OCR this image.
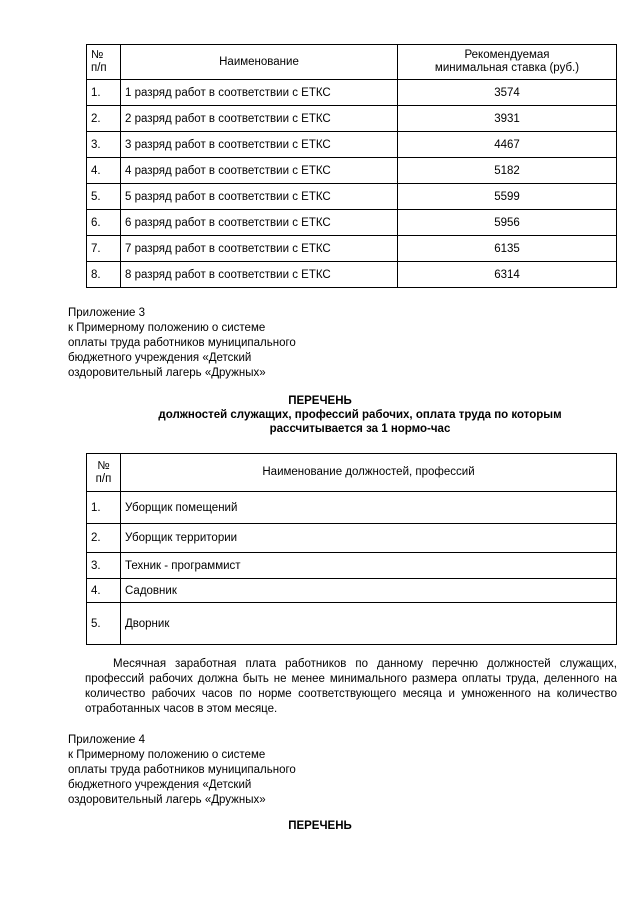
№
п/п	Наименование	Рекомендуемая
минимальная ставка (руб.)
1.	1 разряд работ в соответствии с ЕТКС	3574
2.	2 разряд работ в соответствии с ЕТКС	3931
3.	3 разряд работ в соответствии с ЕТКС	4467
4.	4 разряд работ в соответствии с ЕТКС	5182
5.	5 разряд работ в соответствии с ЕТКС	5599
6.	6 разряд работ в соответствии с ЕТКС	5956
7.	7 разряд работ в соответствии с ЕТКС	6135
8.	8 разряд работ в соответствии с ЕТКС	6314
Приложение 3
к Примерному положению о системе
оплаты труда работников муниципального
бюджетного учреждения «Детский
оздоровительный лагерь «Дружных»
ПЕРЕЧЕНЬ
должностей служащих, профессий рабочих, оплата труда по которым
рассчитывается за 1 нормо-час
№
п/п	Наименование должностей, профессий
1.	Уборщик помещений
2.	Уборщик территории
3.	Техник - программист
4.	Садовник
5.	Дворник
Месячная заработная плата работников по данному перечню должностей служащих, профессий рабочих должна быть не менее минимального размера оплаты труда, деленного на количество рабочих часов по норме соответствующего месяца и умноженного на количество отработанных часов в этом месяце.
Приложение 4
к Примерному положению о системе
оплаты труда работников муниципального
бюджетного учреждения «Детский
оздоровительный лагерь «Дружных»
ПЕРЕЧЕНЬ
